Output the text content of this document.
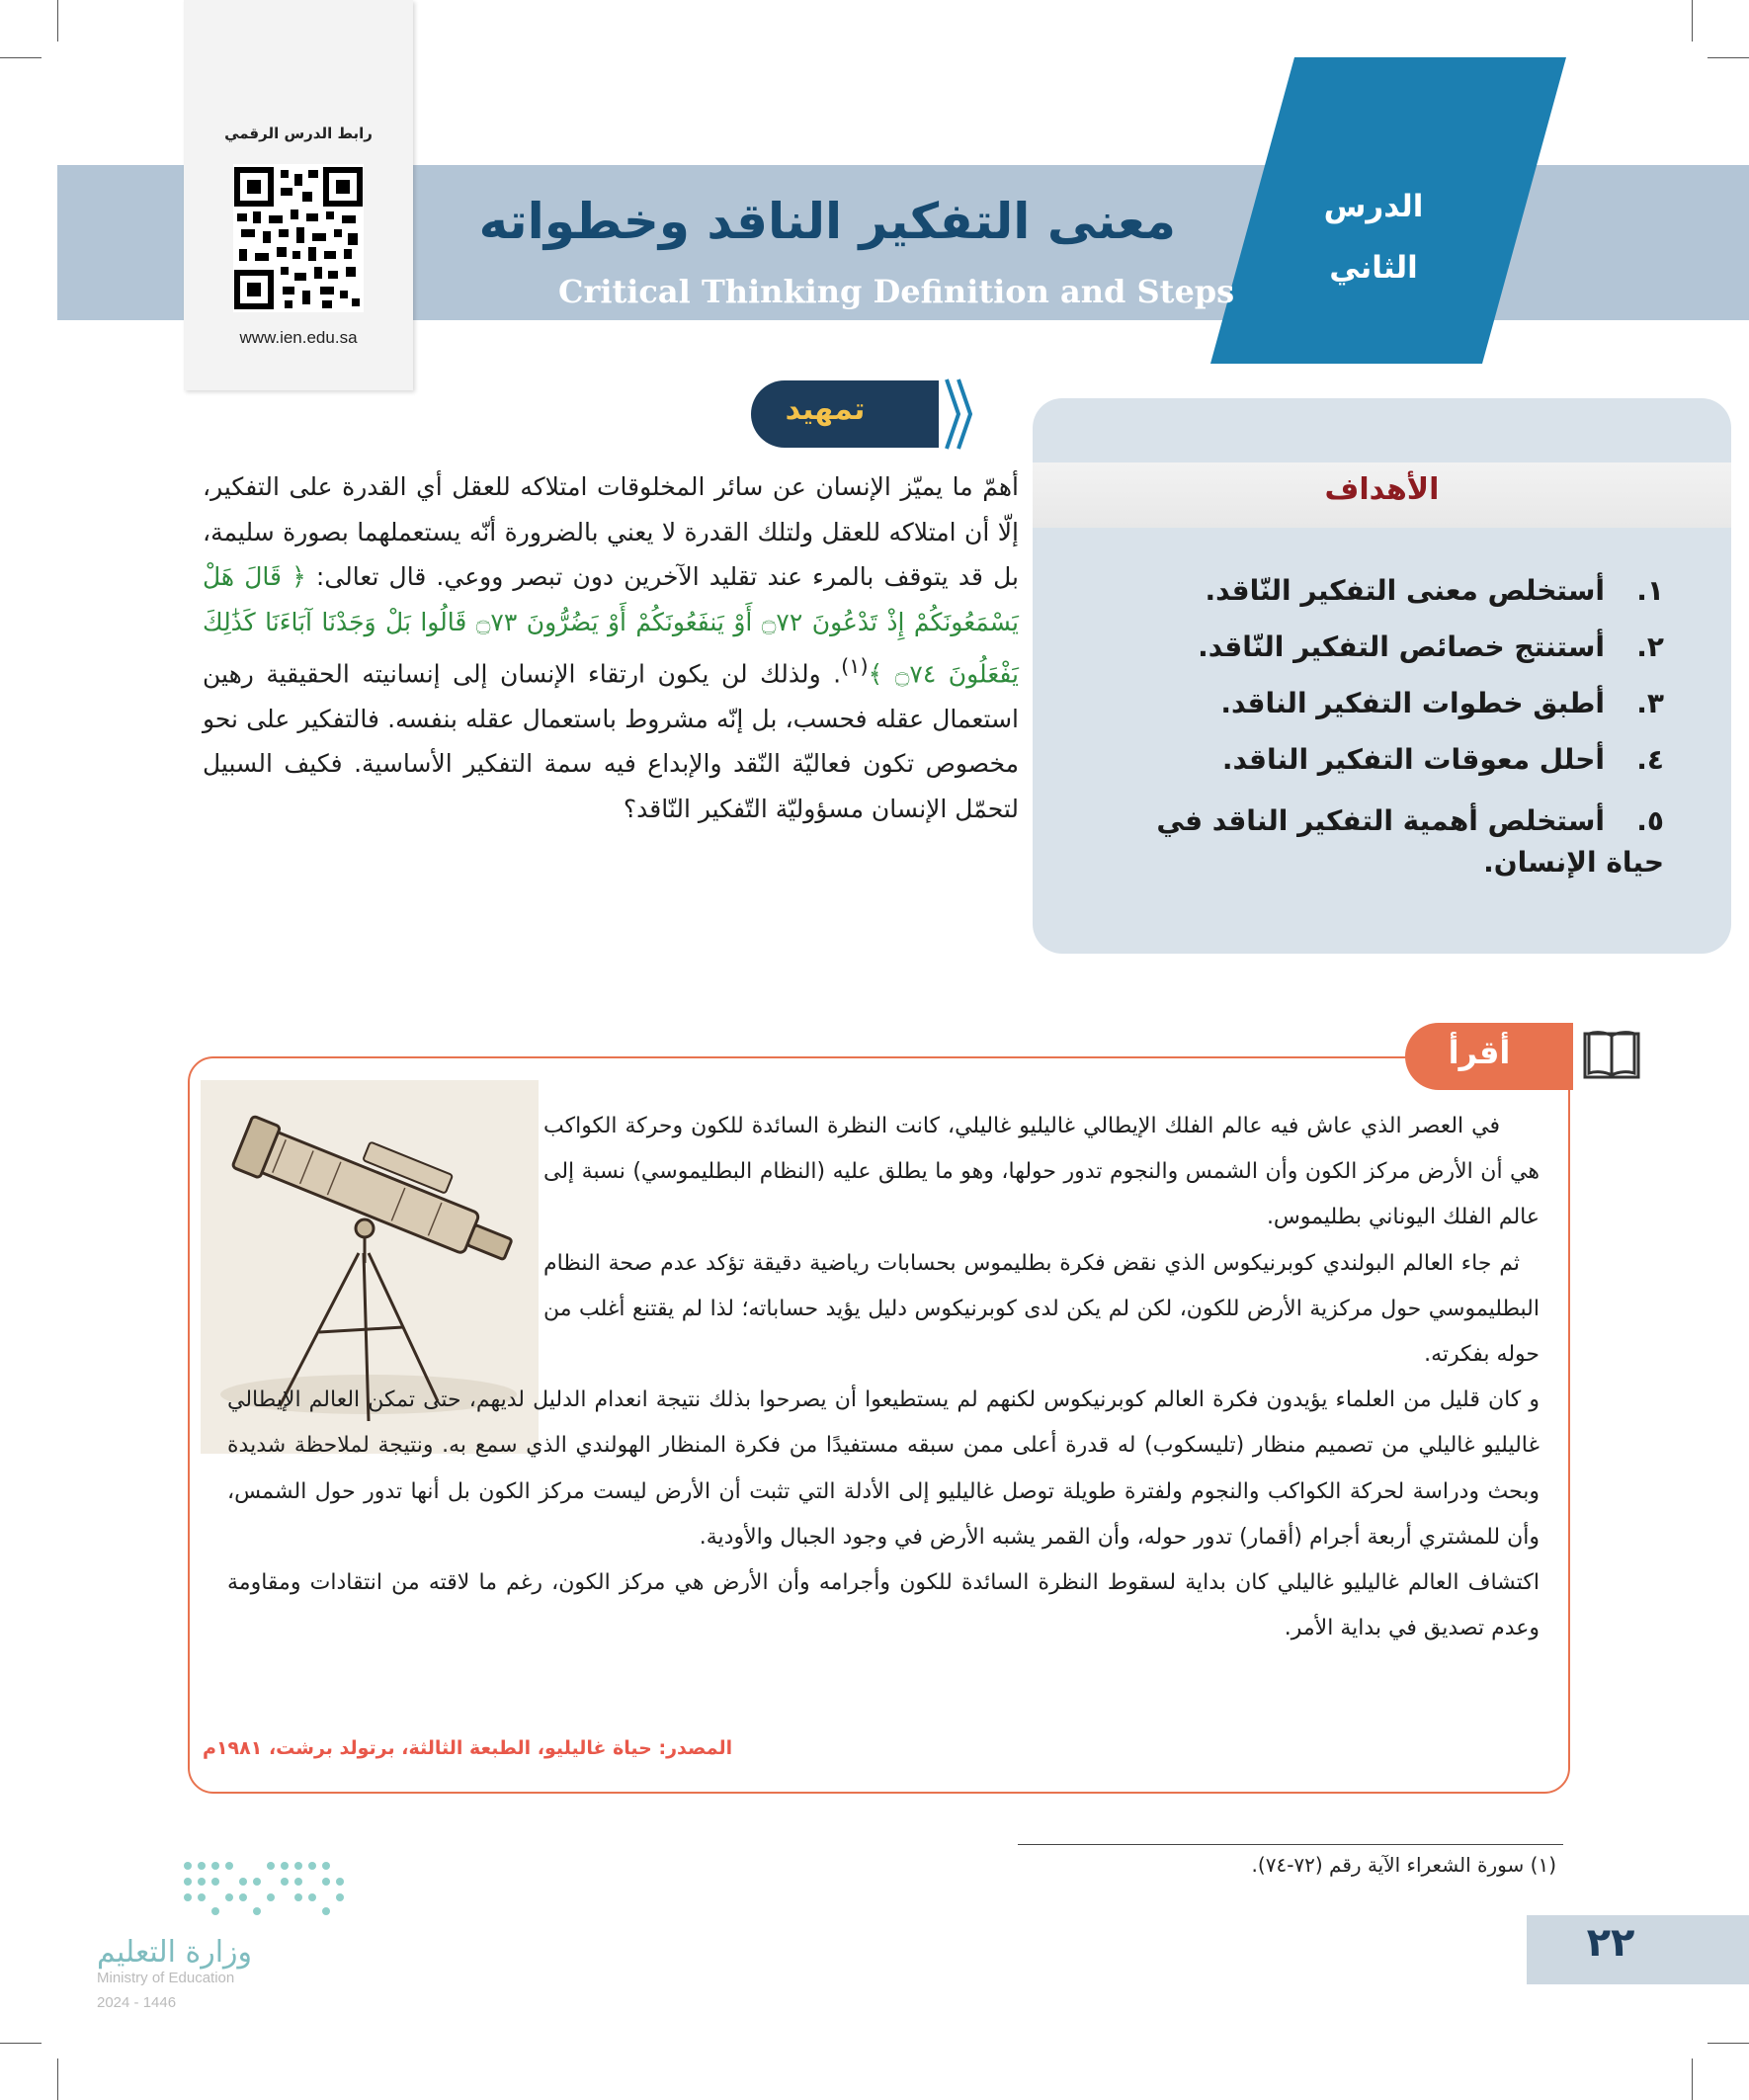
الدرس
الثاني
معنى التفكير الناقد وخطواته
Critical Thinking Definition and Steps
رابط الدرس الرقمي
www.ien.edu.sa
الأهداف
١.أستخلص معنى التفكير النّاقد.
٢.أستنتج خصائص التفكير النّاقد.
٣.أطبق خطوات التفكير الناقد.
٤.أحلل معوقات التفكير الناقد.
٥.أستخلص أهمية التفكير الناقد في حياة الإنسان.
تمهيد
أهمّ ما يميّز الإنسان عن سائر المخلوقات امتلاكه للعقل أي القدرة على التفكير، إلّا أن امتلاكه للعقل ولتلك القدرة لا يعني بالضرورة أنّه يستعملهما بصورة سليمة، بل قد يتوقف بالمرء عند تقليد الآخرين دون تبصر ووعي. قال تعالى: ﴿ قَالَ هَلْ يَسْمَعُونَكُمْ إِذْ تَدْعُونَ ۝٧٢ أَوْ يَنفَعُونَكُمْ أَوْ يَضُرُّونَ ۝٧٣ قَالُوا بَلْ وَجَدْنَا آبَاءَنَا كَذَٰلِكَ يَفْعَلُونَ ۝٧٤ ﴾$^{(١)}$. ولذلك لن يكون ارتقاء الإنسان إلى إنسانيته الحقيقية رهين استعمال عقله فحسب، بل إنّه مشروط باستعمال عقله بنفسه. فالتفكير على نحو مخصوص تكون فعاليّة النّقد والإبداع فيه سمة التفكير الأساسية. فكيف السبيل لتحمّل الإنسان مسؤوليّة التّفكير النّاقد؟
أقرأ
في العصر الذي عاش فيه عالم الفلك الإيطالي غاليليو غاليلي، كانت النظرة السائدة للكون وحركة الكواكب هي أن الأرض مركز الكون وأن الشمس والنجوم تدور حولها، وهو ما يطلق عليه (النظام البطليموسي) نسبة إلى عالم الفلك اليوناني بطليموس.
ثم جاء العالم البولندي كوبرنيكوس الذي نقض فكرة بطليموس بحسابات رياضية دقيقة تؤكد عدم صحة النظام البطليموسي حول مركزية الأرض للكون، لكن لم يكن لدى كوبرنيكوس دليل يؤيد حساباته؛ لذا لم يقتنع أغلب من حوله بفكرته.
و كان قليل من العلماء يؤيدون فكرة العالم كوبرنيكوس لكنهم لم يستطيعوا أن يصرحوا بذلك نتيجة انعدام الدليل لديهم، حتى تمكن العالم الإيطالي غاليليو غاليلي من تصميم منظار (تليسكوب) له قدرة أعلى ممن سبقه مستفيدًا من فكرة المنظار الهولندي الذي سمع به. ونتيجة لملاحظة شديدة وبحث ودراسة لحركة الكواكب والنجوم ولفترة طويلة توصل غاليليو إلى الأدلة التي تثبت أن الأرض ليست مركز الكون بل أنها تدور حول الشمس، وأن للمشتري أربعة أجرام (أقمار) تدور حوله، وأن القمر يشبه الأرض في وجود الجبال والأودية.
اكتشاف العالم غاليليو غاليلي كان بداية لسقوط النظرة السائدة للكون وأجرامه وأن الأرض هي مركز الكون، رغم ما لاقته من انتقادات ومقاومة وعدم تصديق في بداية الأمر.
المصدر: حياة غاليليو، الطبعة الثالثة، برتولد برشت، ١٩٨١م
(١) سورة الشعراء الآية رقم (٧٢-٧٤).
٢٢
وزارة التعليم
Ministry of Education
2024 - 1446
